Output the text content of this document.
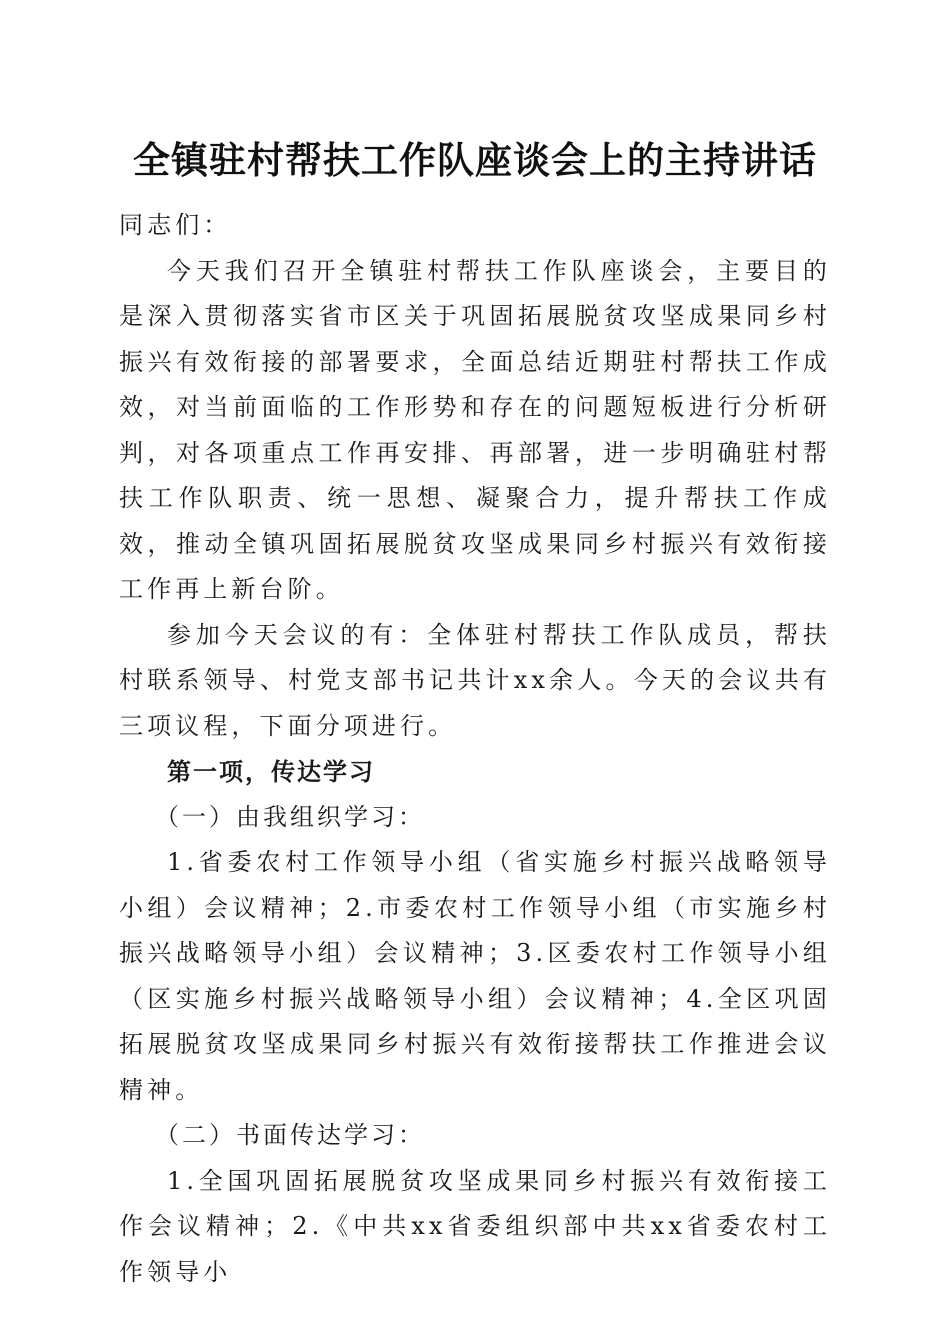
全镇驻村帮扶工作队座谈会上的主持讲话

同志们：

今天我们召开全镇驻村帮扶工作队座谈会，主要目的是深入贯彻落实省市区关于巩固拓展脱贫攻坚成果同乡村振兴有效衔接的部署要求，全面总结近期驻村帮扶工作成效，对当前面临的工作形势和存在的问题短板进行分析研判，对各项重点工作再安排、再部署，进一步明确驻村帮扶工作队职责、统一思想、凝聚合力，提升帮扶工作成效，推动全镇巩固拓展脱贫攻坚成果同乡村振兴有效衔接工作再上新台阶。

参加今天会议的有：全体驻村帮扶工作队成员，帮扶村联系领导、村党支部书记共计xx余人。今天的会议共有三项议程，下面分项进行。

第一项，传达学习

（一）由我组织学习：

1.省委农村工作领导小组（省实施乡村振兴战略领导小组）会议精神；2.市委农村工作领导小组（市实施乡村振兴战略领导小组）会议精神；3.区委农村工作领导小组（区实施乡村振兴战略领导小组）会议精神；4.全区巩固拓展脱贫攻坚成果同乡村振兴有效衔接帮扶工作推进会议精神。

（二）书面传达学习：

1.全国巩固拓展脱贫攻坚成果同乡村振兴有效衔接工作会议精神；2.《中共xx省委组织部中共xx省委农村工作领导小
